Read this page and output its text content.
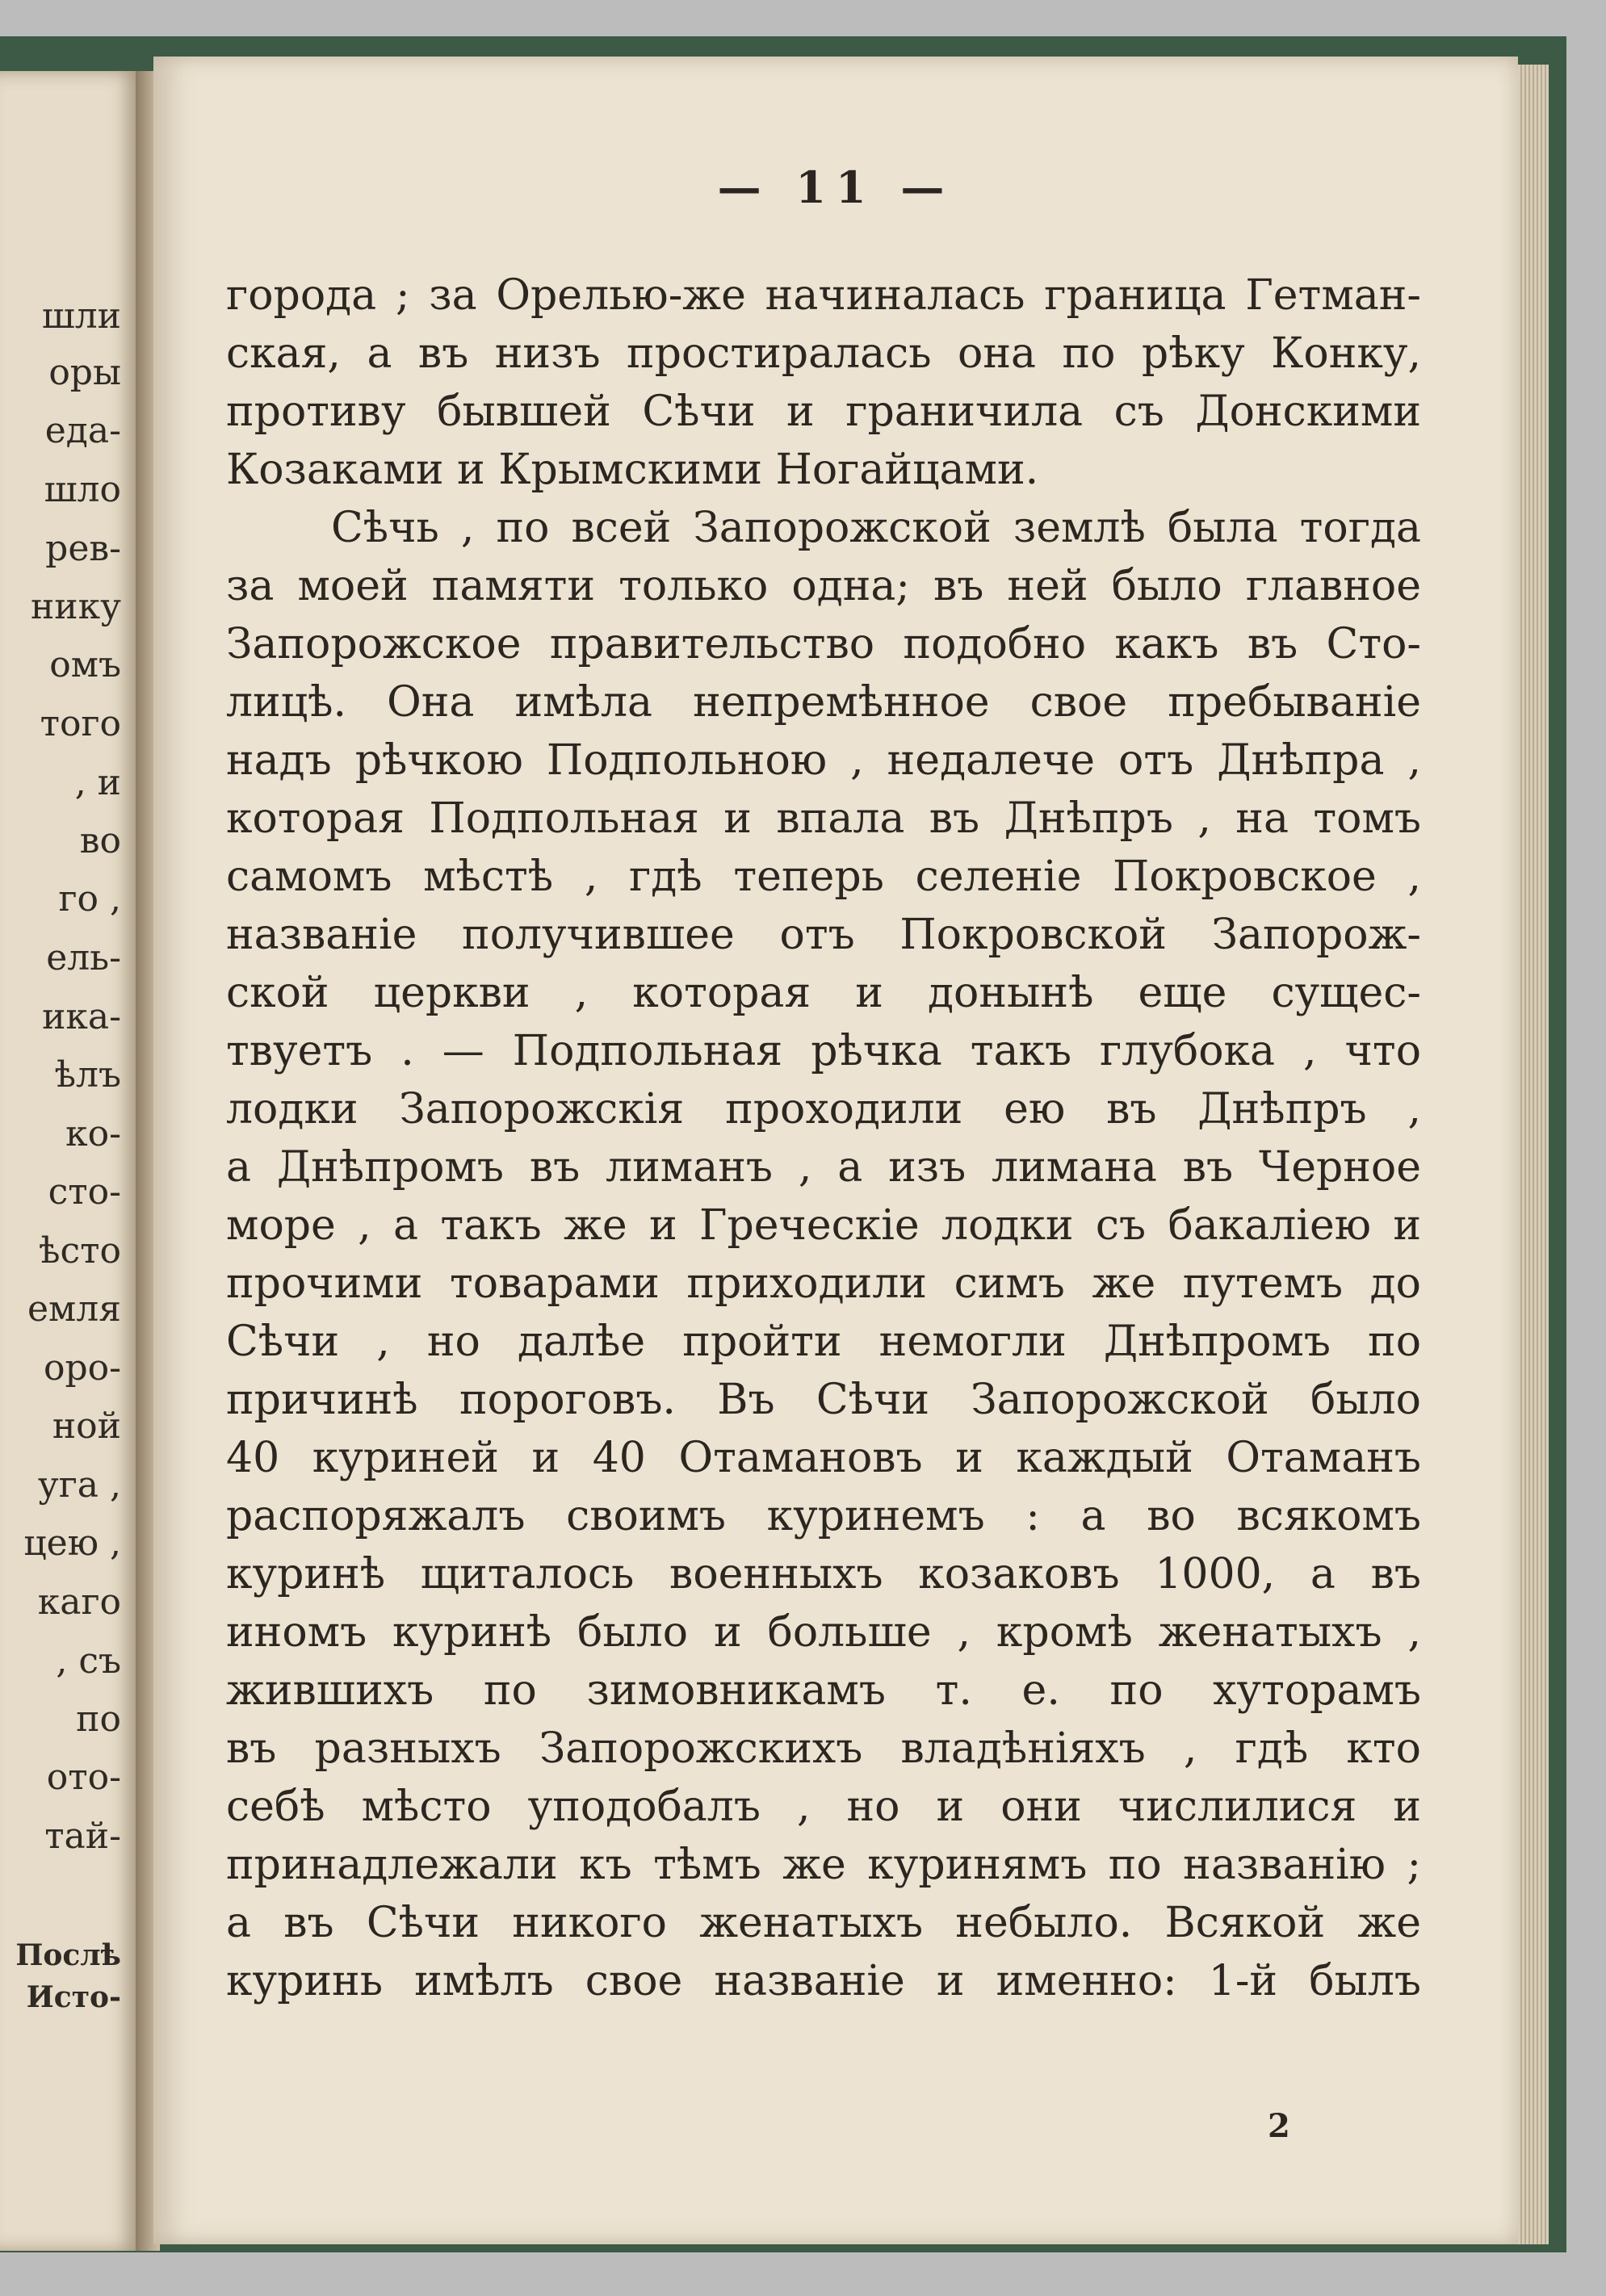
шли
оры
еда-
шло
рев-
нику
омъ
того
, и
во
го ,
ель-
ика-
ѣлъ
ко-
сто-
ѣсто
емля
оро-
ной
уга ,
цею ,
каго
, съ
по
ото-
тай-
Послѣ
Исто-
— 11 —
города ; за Орелью-же начиналась граница Гетман-
ская, а въ низъ простиралась она по рѣку Конку,
противу бывшей Сѣчи и граничила съ Донскими
Козаками и Крымскими Ногайцами.
Сѣчь , по всей Запорожской землѣ была тогда
за моей памяти только одна; въ ней было главное
Запорожское правительство подобно какъ въ Сто-
лицѣ. Она имѣла непремѣнное свое пребываніе
надъ рѣчкою Подпольною , недалече отъ Днѣпра ,
которая Подпольная и впала въ Днѣпръ , на томъ
самомъ мѣстѣ , гдѣ теперь селеніе Покровское ,
названіе получившее отъ Покровской Запорож-
ской церкви , которая и донынѣ еще сущес-
твуетъ . — Подпольная рѣчка такъ глубока , что
лодки Запорожскія проходили ею въ Днѣпръ ,
а Днѣпромъ въ лиманъ , а изъ лимана въ Черное
море , а такъ же и Греческіе лодки съ бакаліею и
прочими товарами приходили симъ же путемъ до
Сѣчи , но далѣе пройти немогли Днѣпромъ по
причинѣ пороговъ. Въ Сѣчи Запорожской было
40 куриней и 40 Отамановъ и каждый Отаманъ
распоряжалъ своимъ куринемъ : а во всякомъ
куринѣ щиталось военныхъ козаковъ 1000, а въ
иномъ куринѣ было и больше , кромѣ женатыхъ ,
жившихъ по зимовникамъ т. е. по хуторамъ
въ разныхъ Запорожскихъ владѣніяхъ , гдѣ кто
себѣ мѣсто уподобалъ , но и они числилися и
принадлежали къ тѣмъ же куринямъ по названію ;
а въ Сѣчи никого женатыхъ небыло. Всякой же
куринь имѣлъ свое названіе и именно: 1-й былъ
2
